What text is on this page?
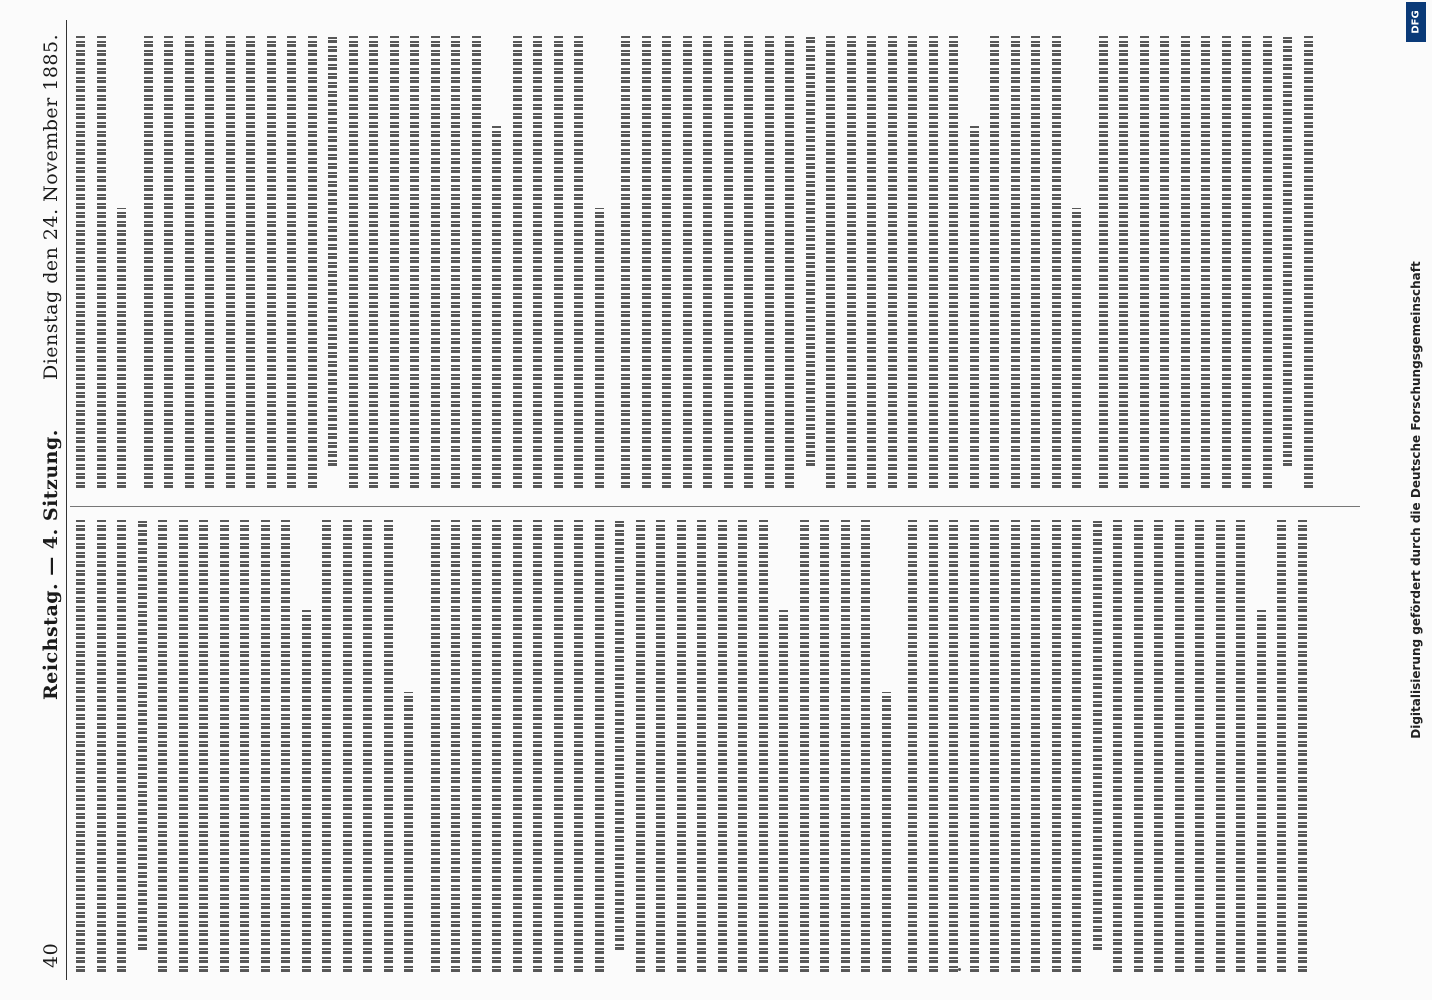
40
Reichstag. — 4. Sitzung.
Dienstag den 24. November 1885.
DFG
Digitalisierung gefördert durch die Deutsche Forschungsgemeinschaft
